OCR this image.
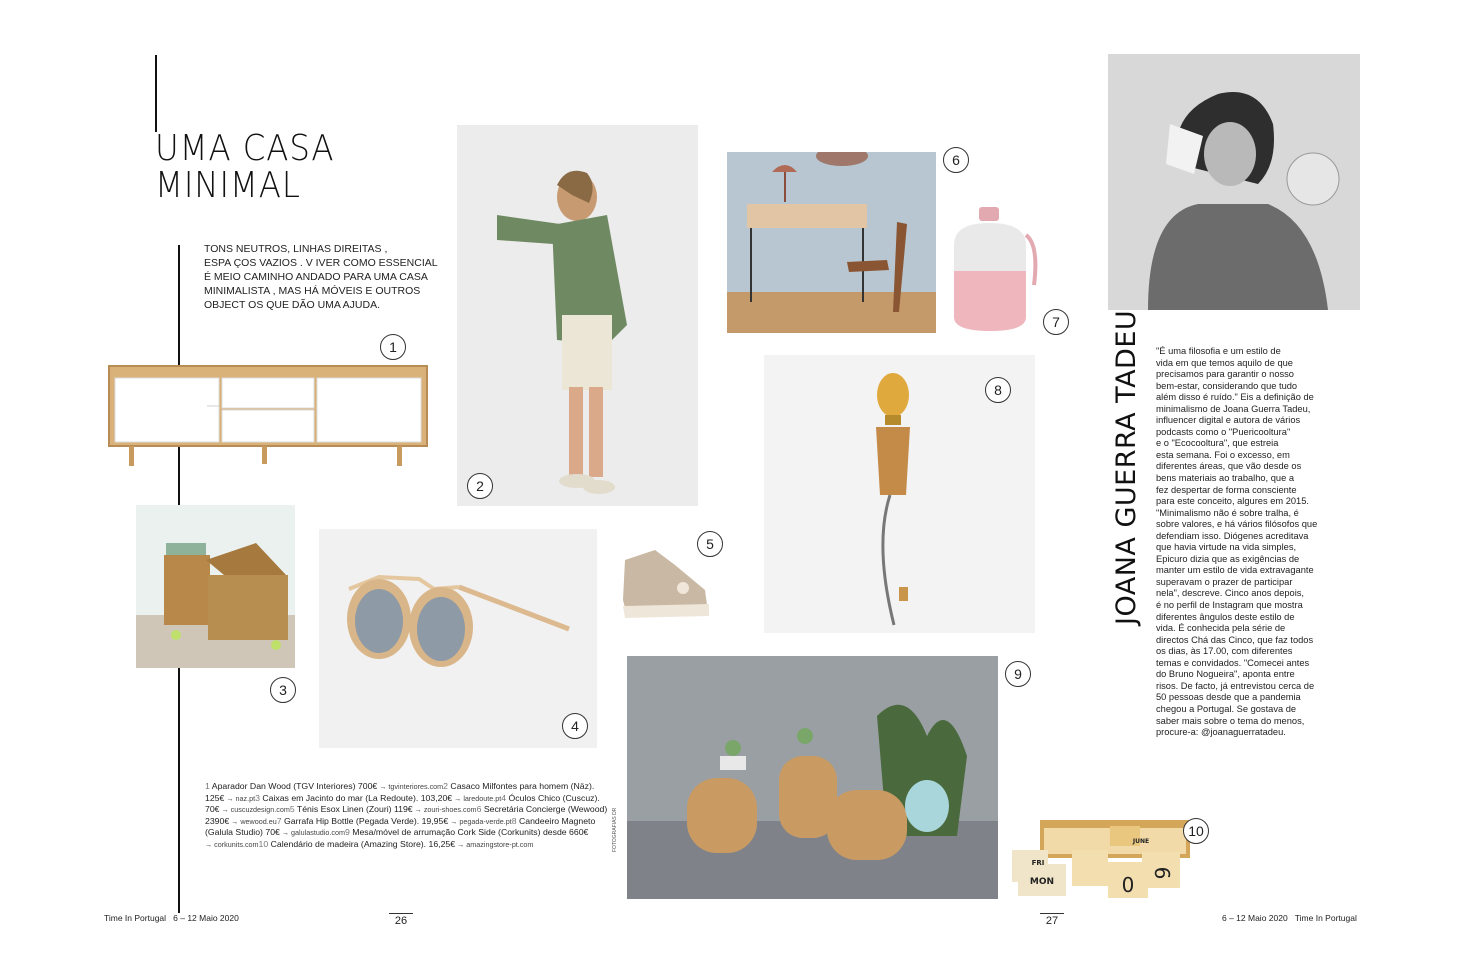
UMA CASA
MINIMAL
TONS NEUTROS, LINHAS DIREITAS ,
ESPA ÇOS VAZIOS . V IVER COMO ESSENCIAL
É MEIO CAMINHO ANDADO PARA UMA CASA
MINIMALISTA , MAS HÁ MÓVEIS E OUTROS
OBJECT OS QUE DÃO UMA AJUDA.
1
2
3
4
5
6
7
8
9
FOTOGRAFIAS DR
FRI
MON
JUNE
0 6
10
1 Aparador Dan Wood (TGV Interiores) 700€ → tgvinteriores.com2 Casaco Milfontes para homem (Näz).
125€ → naz.pt3 Caixas em Jacinto do mar (La Redoute). 103,20€ → laredoute.pt4 Óculos Chico (Cuscuz).
70€ → cuscuzdesign.com5 Ténis Esox Linen (Zouri) 119€ → zouri-shoes.com6 Secretária Concierge (Wewood)
2390€ → wewood.eu7 Garrafa Hip Bottle (Pegada Verde). 19,95€ → pegada-verde.pt8 Candeeiro Magneto
(Galula Studio) 70€ → galulastudio.com9 Mesa/móvel de arrumação Cork Side (Corkunits) desde 660€
→ corkunits.com10 Calendário de madeira (Amazing Store). 16,25€ → amazingstore-pt.com
JOANA GUERRA TADEU "É uma filosofia e um estilo de
vida em que temos aquilo de que
precisamos para garantir o nosso
bem-estar, considerando que tudo
além disso é ruído." Eis a definição de
minimalismo de Joana Guerra Tadeu,
influencer digital e autora de vários
podcasts como o "Puericooltura"
e o "Ecocooltura", que estreia
esta semana. Foi o excesso, em
diferentes áreas, que vão desde os
bens materiais ao trabalho, que a
fez despertar de forma consciente
para este conceito, algures em 2015.
"Minimalismo não é sobre tralha, é
sobre valores, e há vários filósofos que
defendiam isso. Diógenes acreditava
que havia virtude na vida simples,
Epicuro dizia que as exigências de
manter um estilo de vida extravagante
superavam o prazer de participar
nela", descreve. Cinco anos depois,
é no perfil de Instagram que mostra
diferentes ângulos deste estilo de
vida. É conhecida pela série de
directos Chá das Cinco, que faz todos
os dias, às 17.00, com diferentes
temas e convidados. "Comecei antes
do Bruno Nogueira", aponta entre
risos. De facto, já entrevistou cerca de
50 pessoas desde que a pandemia
chegou a Portugal. Se gostava de
saber mais sobre o tema do menos,
procure-a: @joanaguerratadeu.
Time In Portugal 6 – 12 Maio 2020	26	27	6 – 12 Maio 2020 Time In Portugal
